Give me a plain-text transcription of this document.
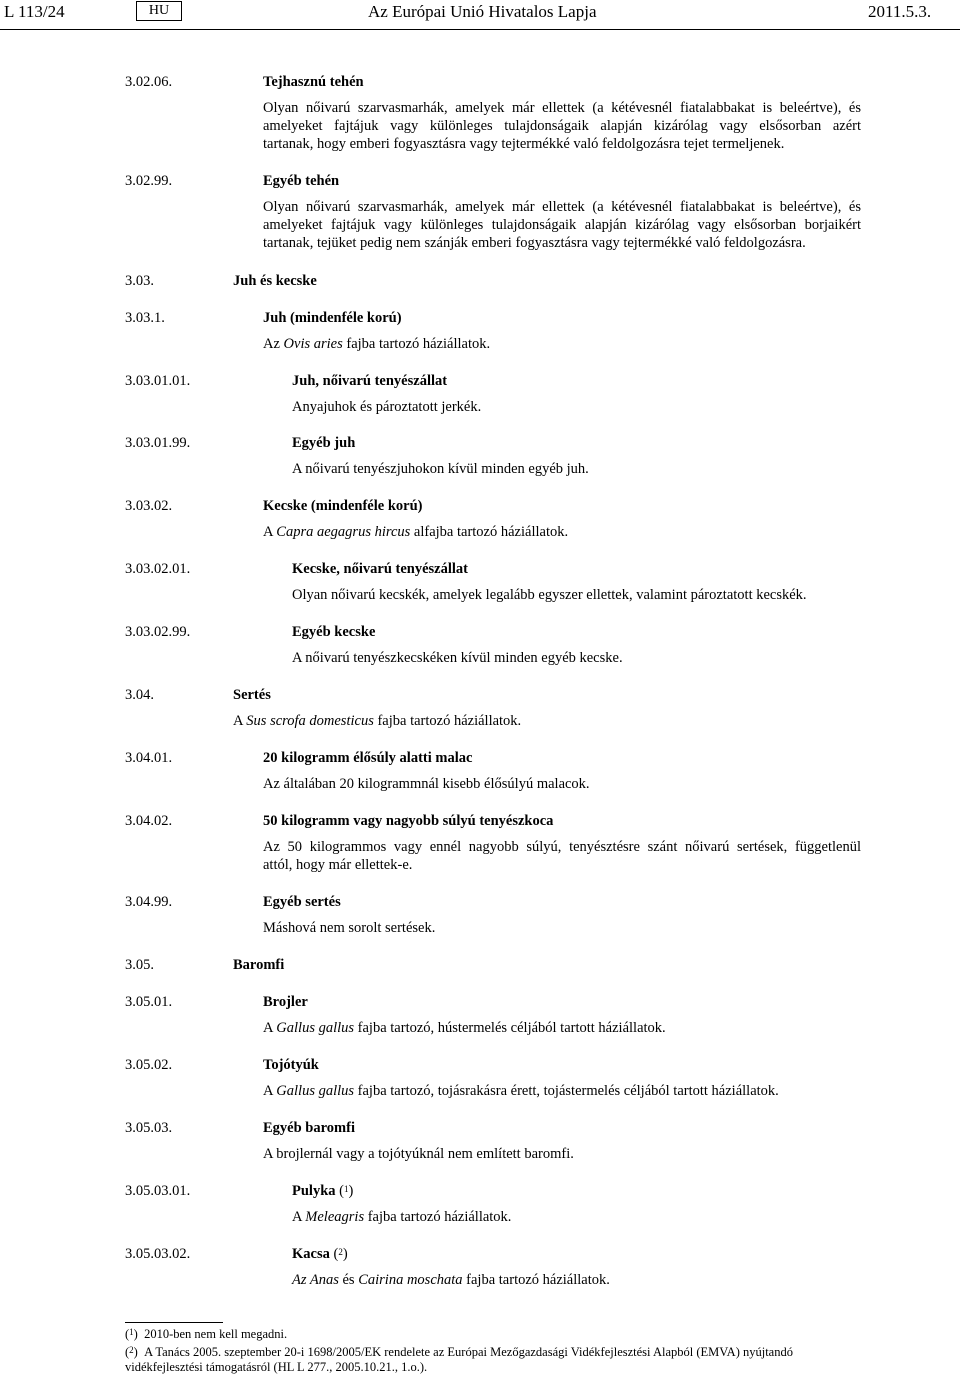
L 113/24	HU	Az Európai Unió Hivatalos Lapja	2011.5.3.
3.02.06.	Tejhasznú tehén
Olyan nőivarú szarvasmarhák, amelyek már ellettek (a kétévesnél fiatalabbakat is beleértve), és
amelyeket fajtájuk vagy különleges tulajdonságaik alapján kizárólag vagy elsősorban azért
tartanak, hogy emberi fogyasztásra vagy tejtermékké való feldolgozásra tejet termeljenek.
3.02.99.	Egyéb tehén
Olyan nőivarú szarvasmarhák, amelyek már ellettek (a kétévesnél fiatalabbakat is beleértve), és
amelyeket fajtájuk vagy különleges tulajdonságaik alapján kizárólag vagy elsősorban borjaikért
tartanak, tejüket pedig nem szánják emberi fogyasztásra vagy tejtermékké való feldolgozásra.
3.03.	Juh és kecske
3.03.1.	Juh (mindenféle korú)
Az Ovis aries fajba tartozó háziállatok.
3.03.01.01.	Juh, nőivarú tenyészállat
Anyajuhok és pároztatott jerkék.
3.03.01.99.	Egyéb juh
A nőivarú tenyészjuhokon kívül minden egyéb juh.
3.03.02.	Kecske (mindenféle korú)
A Capra aegagrus hircus alfajba tartozó háziállatok.
3.03.02.01.	Kecske, nőivarú tenyészállat
Olyan nőivarú kecskék, amelyek legalább egyszer ellettek, valamint pároztatott kecskék.
3.03.02.99.	Egyéb kecske
A nőivarú tenyészkecskéken kívül minden egyéb kecske.
3.04.	Sertés
A Sus scrofa domesticus fajba tartozó háziállatok.
3.04.01.	20 kilogramm élősúly alatti malac
Az általában 20 kilogrammnál kisebb élősúlyú malacok.
3.04.02.	50 kilogramm vagy nagyobb súlyú tenyészkoca
Az 50 kilogrammos vagy ennél nagyobb súlyú, tenyésztésre szánt nőivarú sertések, függetlenül
attól, hogy már ellettek-e.
3.04.99.	Egyéb sertés
Máshová nem sorolt sertések.
3.05.	Baromfi
3.05.01.	Brojler
A Gallus gallus fajba tartozó, hústermelés céljából tartott háziállatok.
3.05.02.	Tojótyúk
A Gallus gallus fajba tartozó, tojásrakásra érett, tojástermelés céljából tartott háziállatok.
3.05.03.	Egyéb baromfi
A brojlernál vagy a tojótyúknál nem említett baromfi.
3.05.03.01.	Pulyka ($^1$)
A Meleagris fajba tartozó háziállatok.
3.05.03.02.	Kacsa ($^2$)
Az Anas és Cairina moschata fajba tartozó háziállatok.
($^1$) 2010-ben nem kell megadni.
($^2$) A Tanács 2005. szeptember 20-i 1698/2005/EK rendelete az Európai Mezőgazdasági Vidékfejlesztési Alapból (EMVA) nyújtandó
vidékfejlesztési támogatásról (HL L 277., 2005.10.21., 1.o.).
